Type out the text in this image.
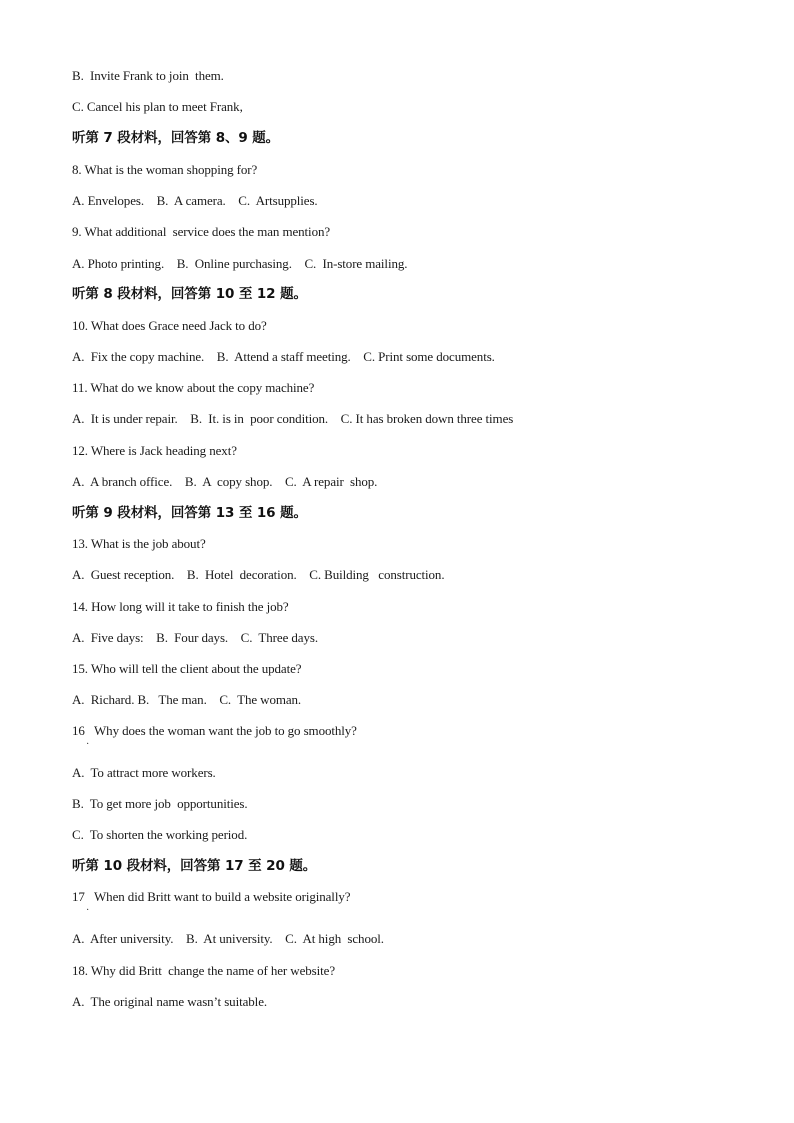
B.  Invite Frank to join  them.
C. Cancel his plan to meet Frank,
听第 7 段材料，回答第 8、9 题。
8. What is the woman shopping for?
A. Envelopes.    B.  A camera.    C.  Artsupplies.
9. What additional  service does the man mention?
A. Photo printing.    B.  Online purchasing.    C.  In-store mailing.
听第 8 段材料，回答第 10 至 12 题。
10. What does Grace need Jack to do?
A.  Fix the copy machine.    B.  Attend a staff meeting.    C. Print some documents.
11. What do we know about the copy machine?
A.  It is under repair.    B.  It. is in  poor condition.    C. It has broken down three times
12. Where is Jack heading next?
A.  A branch office.    B.  A  copy shop.    C.  A repair  shop.
听第 9 段材料，回答第 13 至 16 题。
13. What is the job about?
A.  Guest reception.    B.  Hotel  decoration.    C. Building   construction.
14. How long will it take to finish the job?
A.  Five days:    B.  Four days.    C.  Three days.
15. Who will tell the client about the update?
A.  Richard. B.   The man.    C.  The woman.
16   Why does the woman want the job to go smoothly?
·
A.  To attract more workers.
B.  To get more job  opportunities.
C.  To shorten the working period.
听第 10 段材料，回答第 17 至 20 题。
17   When did Britt want to build a website originally?
·
A.  After university.    B.  At university.    C.  At high  school.
18. Why did Britt  change the name of her website?
A.  The original name wasn’t suitable.
